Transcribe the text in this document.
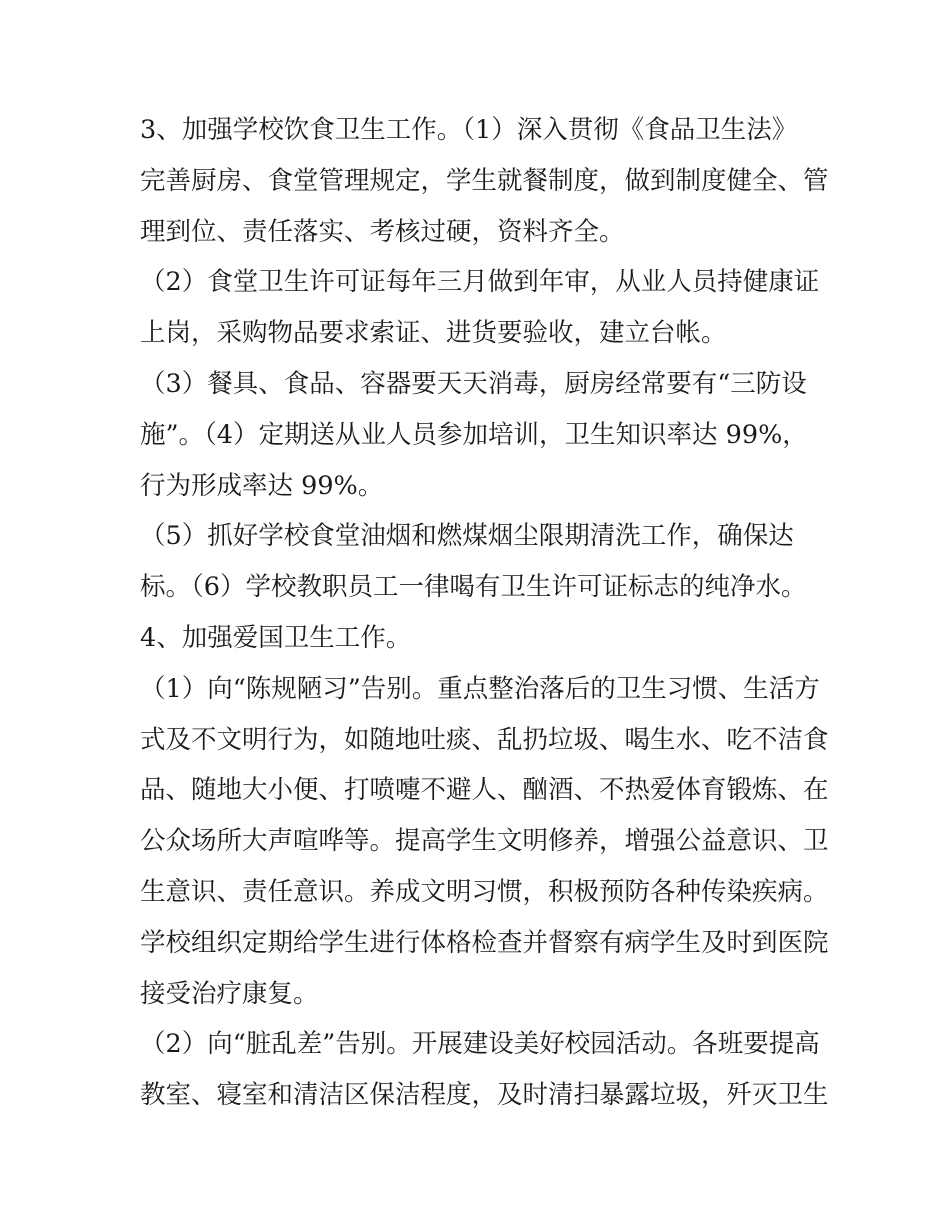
3、加强学校饮食卫生工作。（1）深入贯彻《食品卫生法》
完善厨房、食堂管理规定，学生就餐制度，做到制度健全、管
理到位、责任落实、考核过硬，资料齐全。
（2）食堂卫生许可证每年三月做到年审，从业人员持健康证
上岗，采购物品要求索证、进货要验收，建立台帐。
（3）餐具、食品、容器要天天消毒，厨房经常要有“三防设
施”。（4）定期送从业人员参加培训，卫生知识率达 99%，
行为形成率达 99%。
（5）抓好学校食堂油烟和燃煤烟尘限期清洗工作，确保达
标。（6）学校教职员工一律喝有卫生许可证标志的纯净水。
4、加强爱国卫生工作。
（1）向“陈规陋习”告别。重点整治落后的卫生习惯、生活方
式及不文明行为，如随地吐痰、乱扔垃圾、喝生水、吃不洁食
品、随地大小便、打喷嚏不避人、酗酒、不热爱体育锻炼、在
公众场所大声喧哗等。提高学生文明修养，增强公益意识、卫
生意识、责任意识。养成文明习惯，积极预防各种传染疾病。
学校组织定期给学生进行体格检查并督察有病学生及时到医院
接受治疗康复。
（2）向“脏乱差”告别。开展建设美好校园活动。各班要提高
教室、寝室和清洁区保洁程度，及时清扫暴露垃圾，歼灭卫生
